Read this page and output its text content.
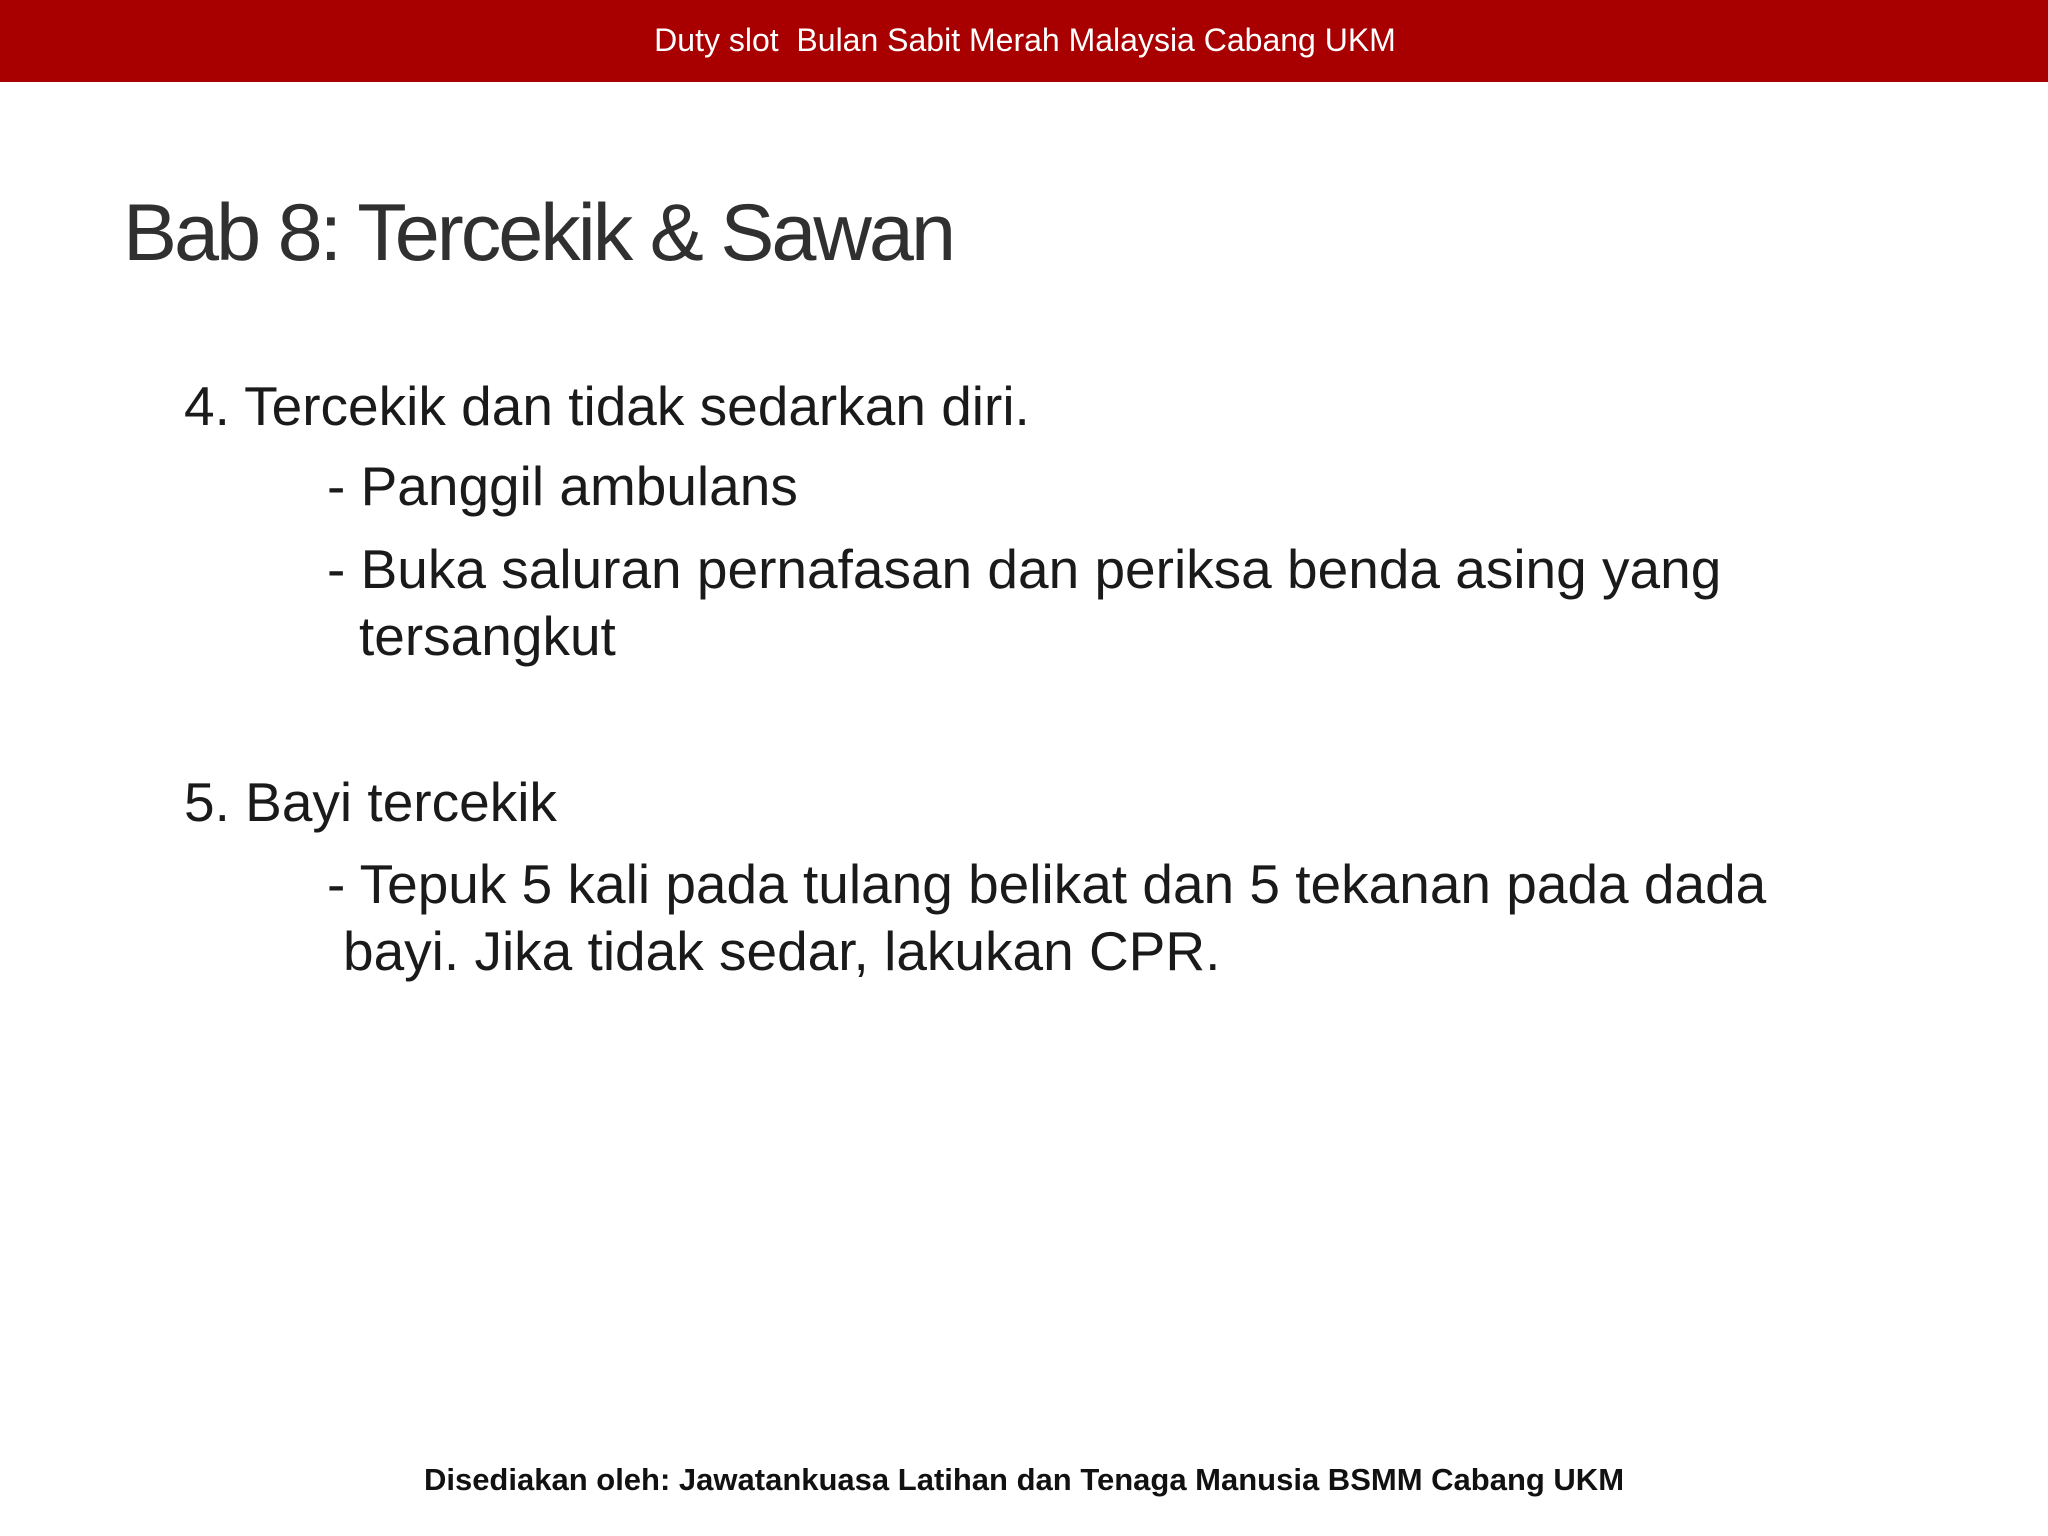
Duty slot  Bulan Sabit Merah Malaysia Cabang UKM
Bab 8: Tercekik & Sawan
4. Tercekik dan tidak sedarkan diri.
- Panggil ambulans
- Buka saluran pernafasan dan periksa benda asing yang
tersangkut
5. Bayi tercekik
- Tepuk 5 kali pada tulang belikat dan 5 tekanan pada dada
bayi. Jika tidak sedar, lakukan CPR.
Disediakan oleh: Jawatankuasa Latihan dan Tenaga Manusia BSMM Cabang UKM
